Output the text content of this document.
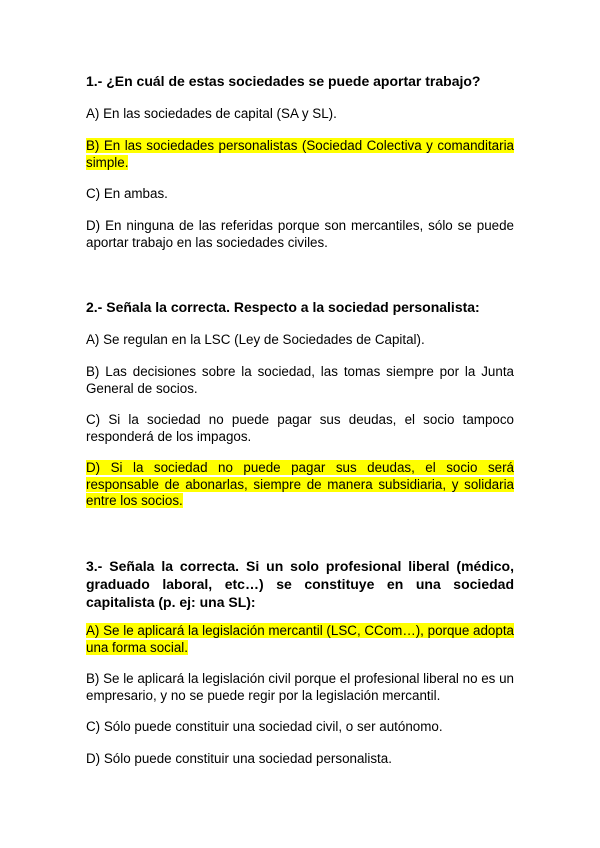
1.- ¿En cuál de estas sociedades se puede aportar trabajo?

A) En las sociedades de capital (SA y SL).

B) En las sociedades personalistas (Sociedad Colectiva y comanditaria simple.

C) En ambas.

D) En ninguna de las referidas porque son mercantiles, sólo se puede aportar trabajo en las sociedades civiles.

2.- Señala la correcta. Respecto a la sociedad personalista:

A) Se regulan en la LSC (Ley de Sociedades de Capital).

B) Las decisiones sobre la sociedad, las tomas siempre por la Junta General de socios.

C) Si la sociedad no puede pagar sus deudas, el socio tampoco responderá de los impagos.

D) Si la sociedad no puede pagar sus deudas, el socio será responsable de abonarlas, siempre de manera subsidiaria, y solidaria entre los socios.

3.- Señala la correcta. Si un solo profesional liberal (médico, graduado laboral, etc…) se constituye en una sociedad capitalista (p. ej: una SL):

A) Se le aplicará la legislación mercantil (LSC, CCom…), porque adopta una forma social.

B) Se le aplicará la legislación civil porque el profesional liberal no es un empresario, y no se puede regir por la legislación mercantil.

C) Sólo puede constituir una sociedad civil, o ser autónomo.

D) Sólo puede constituir una sociedad personalista.
